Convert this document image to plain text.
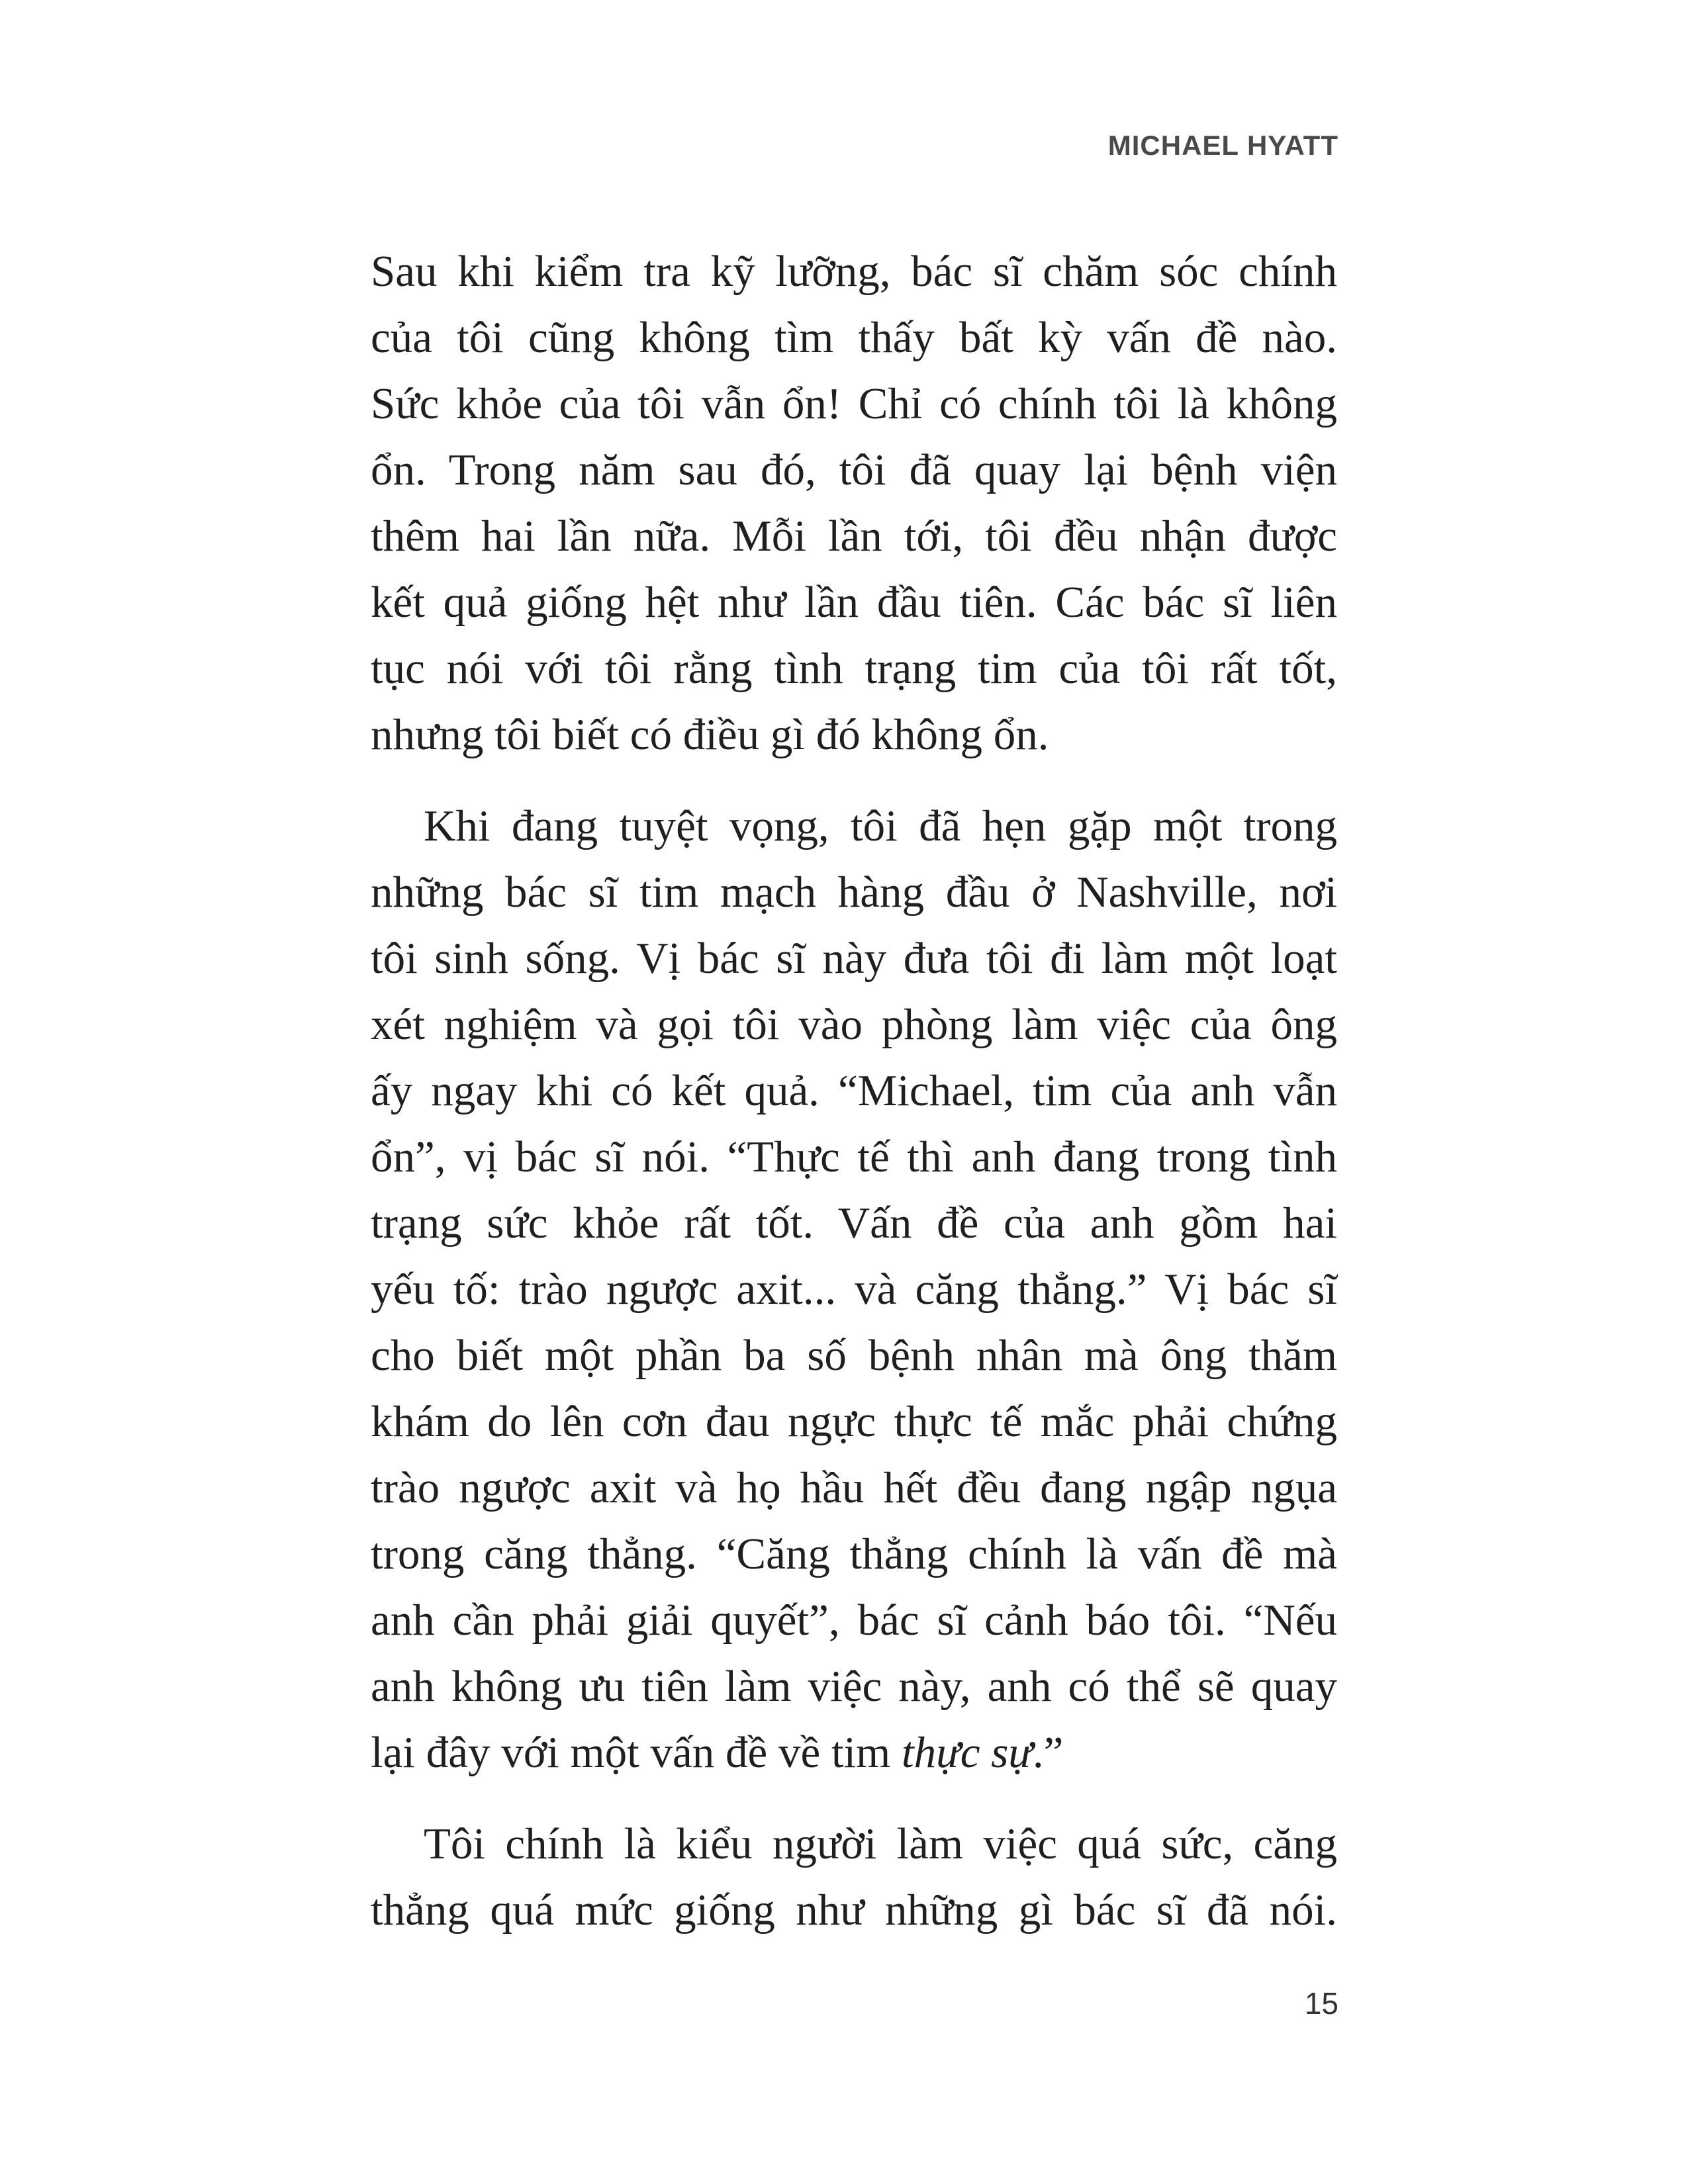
MICHAEL HYATT

Sau khi kiểm tra kỹ lưỡng, bác sĩ chăm sóc chính
của tôi cũng không tìm thấy bất kỳ vấn đề nào.
Sức khỏe của tôi vẫn ổn! Chỉ có chính tôi là không
ổn. Trong năm sau đó, tôi đã quay lại bệnh viện
thêm hai lần nữa. Mỗi lần tới, tôi đều nhận được
kết quả giống hệt như lần đầu tiên. Các bác sĩ liên
tục nói với tôi rằng tình trạng tim của tôi rất tốt,
nhưng tôi biết có điều gì đó không ổn.

Khi đang tuyệt vọng, tôi đã hẹn gặp một trong
những bác sĩ tim mạch hàng đầu ở Nashville, nơi
tôi sinh sống. Vị bác sĩ này đưa tôi đi làm một loạt
xét nghiệm và gọi tôi vào phòng làm việc của ông
ấy ngay khi có kết quả. “Michael, tim của anh vẫn
ổn”, vị bác sĩ nói. “Thực tế thì anh đang trong tình
trạng sức khỏe rất tốt. Vấn đề của anh gồm hai
yếu tố: trào ngược axit... và căng thẳng.” Vị bác sĩ
cho biết một phần ba số bệnh nhân mà ông thăm
khám do lên cơn đau ngực thực tế mắc phải chứng
trào ngược axit và họ hầu hết đều đang ngập ngụa
trong căng thẳng. “Căng thẳng chính là vấn đề mà
anh cần phải giải quyết”, bác sĩ cảnh báo tôi. “Nếu
anh không ưu tiên làm việc này, anh có thể sẽ quay
lại đây với một vấn đề về tim thực sự.”

Tôi chính là kiểu người làm việc quá sức, căng
thẳng quá mức giống như những gì bác sĩ đã nói.

15
